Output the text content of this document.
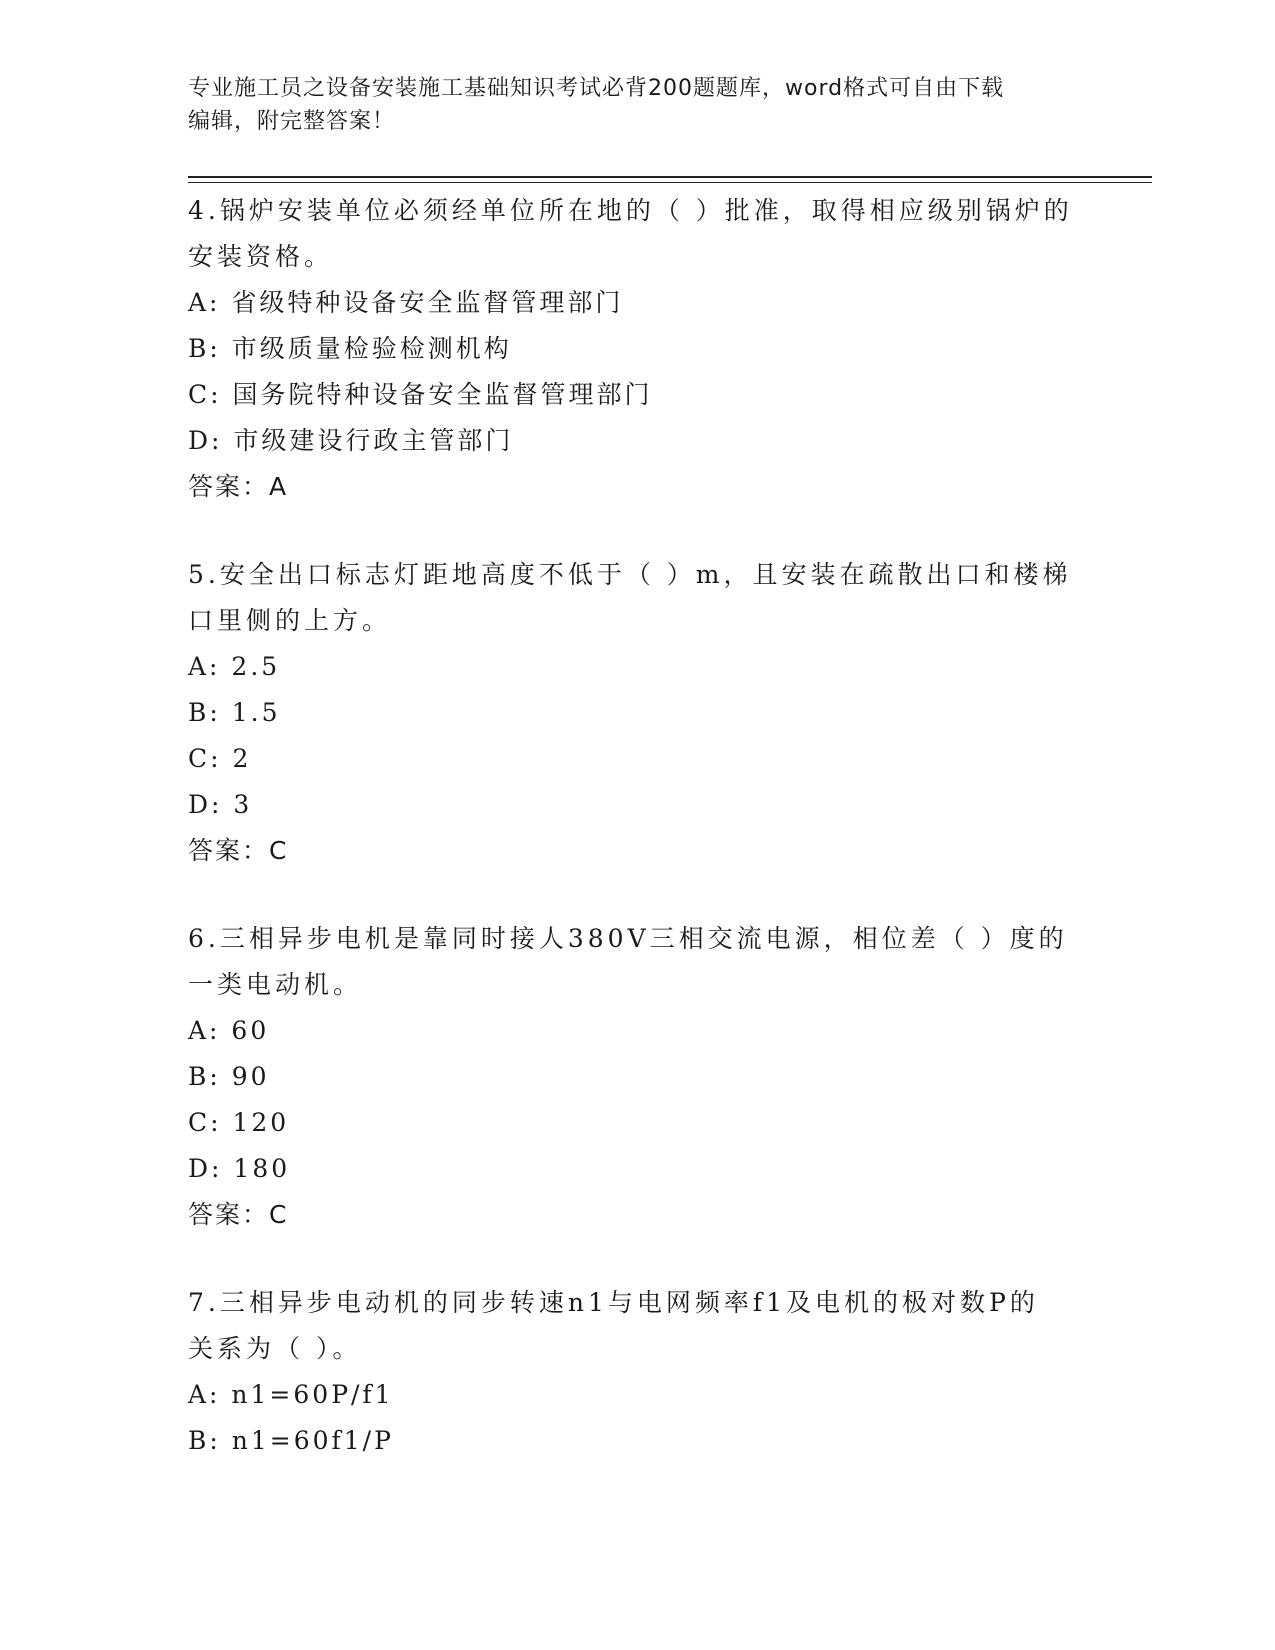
专业施工员之设备安装施工基础知识考试必背200题题库，word格式可自由下载
编辑，附完整答案！

4.锅炉安装单位必须经单位所在地的（ ）批准，取得相应级别锅炉的

安装资格。

A: 省级特种设备安全监督管理部门

B: 市级质量检验检测机构

C: 国务院特种设备安全监督管理部门

D: 市级建设行政主管部门

答案：A

5.安全出口标志灯距地高度不低于（ ）m，且安装在疏散出口和楼梯

口里侧的上方。

A: 2.5

B: 1.5

C: 2

D: 3

答案：C

6.三相异步电机是靠同时接人380V三相交流电源，相位差（ ）度的

一类电动机。

A: 60

B: 90

C: 120

D: 180

答案：C

7.三相异步电动机的同步转速n1与电网频率f1及电机的极对数P的

关系为（ ）。

A: n1=60P/f1

B: n1=60f1/P
